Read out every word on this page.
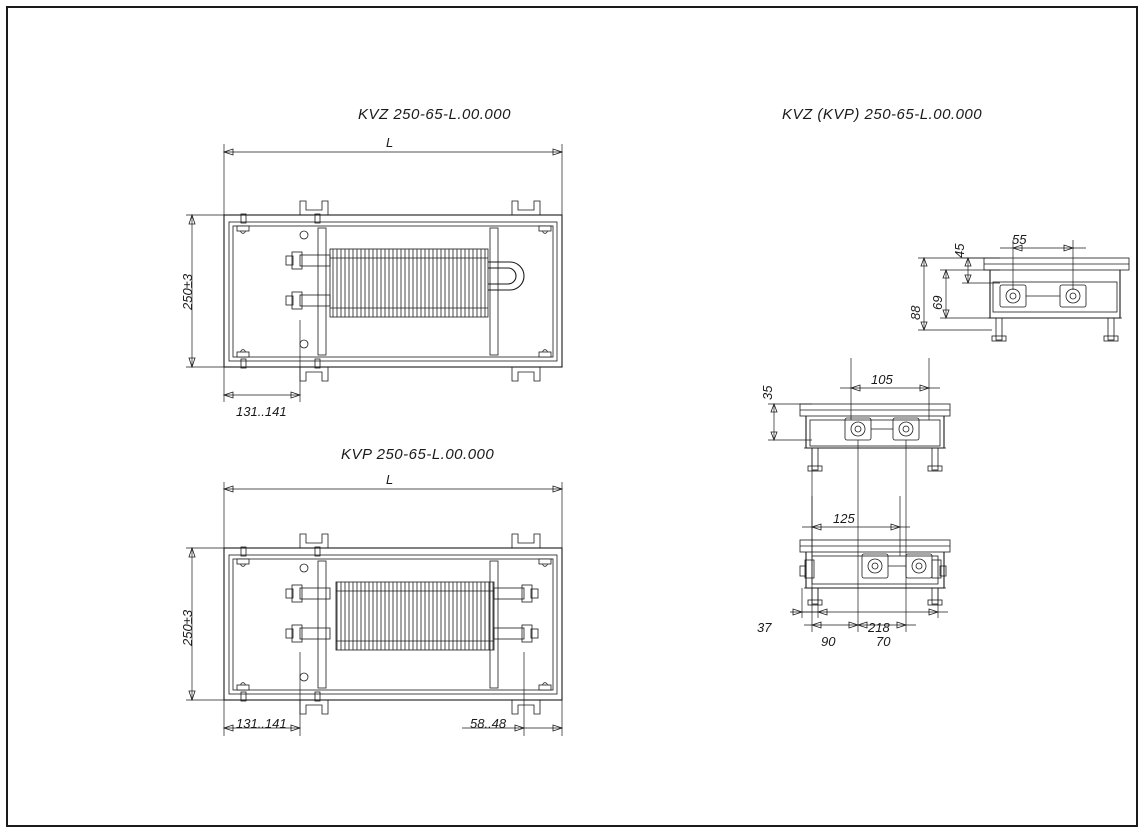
KVZ 250-65-L.00.000
KVP 250-65-L.00.000
KVZ (KVP) 250-65-L.00.000
L
250±3
131..141
L
250±3
131..141	58..48
88
69
45
55
35
105
90	70
125
37	218
